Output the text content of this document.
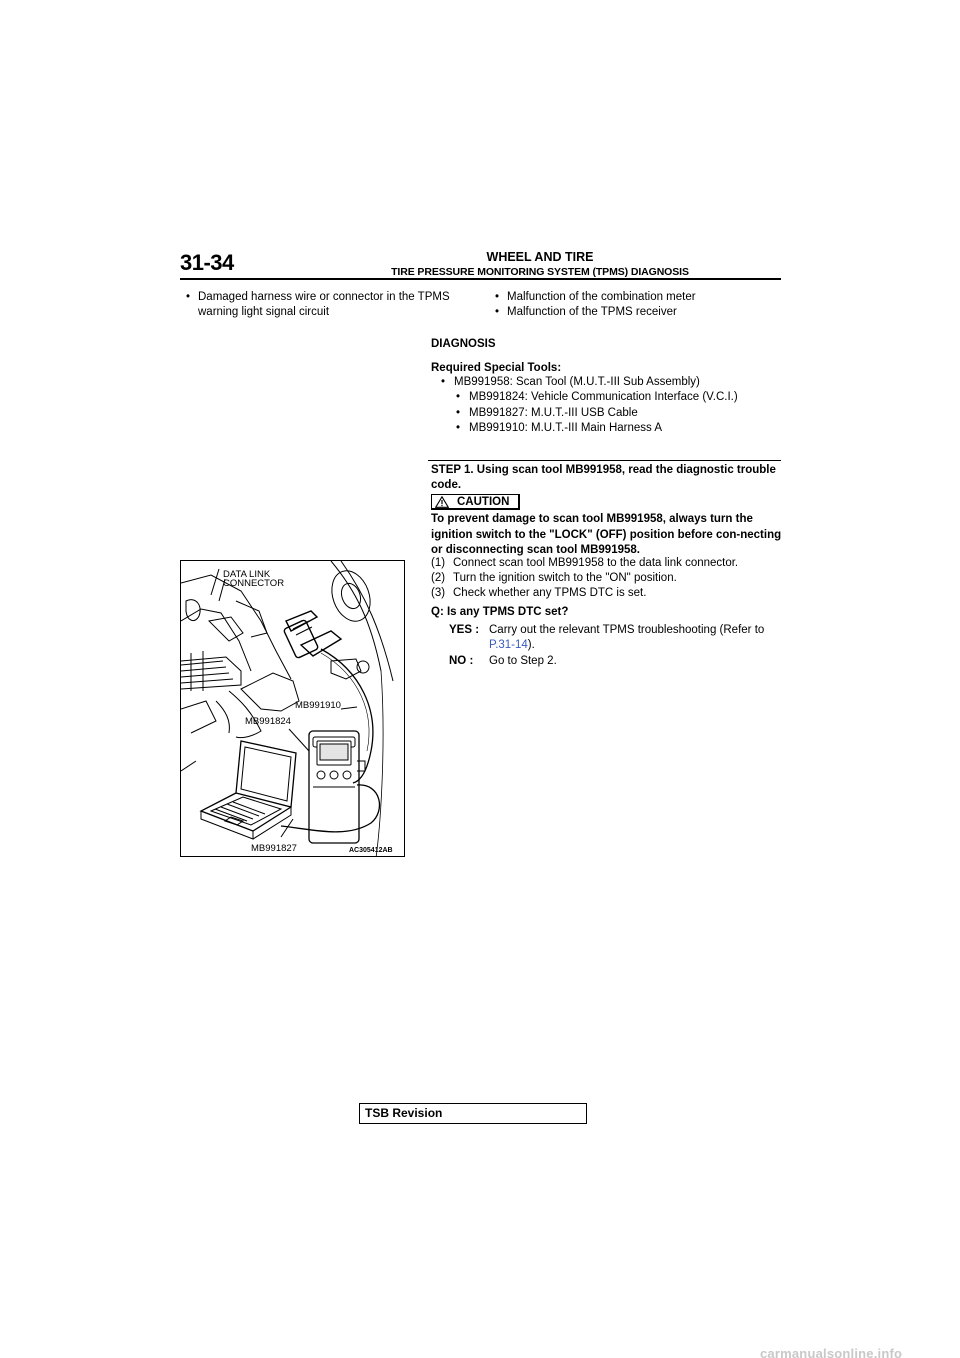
31-34	WHEEL AND TIRE
TIRE PRESSURE MONITORING SYSTEM (TPMS) DIAGNOSIS
• Damaged harness wire or connector in the TPMS warning light signal circuit
• Malfunction of the combination meter
• Malfunction of the TPMS receiver
DIAGNOSIS
Required Special Tools:
• MB991958: Scan Tool (M.U.T.-III Sub Assembly)
• MB991824: Vehicle Communication Interface (V.C.I.)
• MB991827: M.U.T.-III USB Cable
• MB991910: M.U.T.-III Main Harness A
STEP 1. Using scan tool MB991958, read the diagnostic trouble code.
CAUTION
To prevent damage to scan tool MB991958, always turn the ignition switch to the "LOCK" (OFF) position before con-necting or disconnecting scan tool MB991958.
(1) Connect scan tool MB991958 to the data link connector.
(2) Turn the ignition switch to the "ON" position.
(3) Check whether any TPMS DTC is set.
Q: Is any TPMS DTC set?
YES : Carry out the relevant TPMS troubleshooting (Refer to P.31-14).
NO :	Go to Step 2.
DATA LINK
CONNECTOR
MB991910
MB991824
MB991827	AC305412AB
TSB Revision
carmanualsonline.info
